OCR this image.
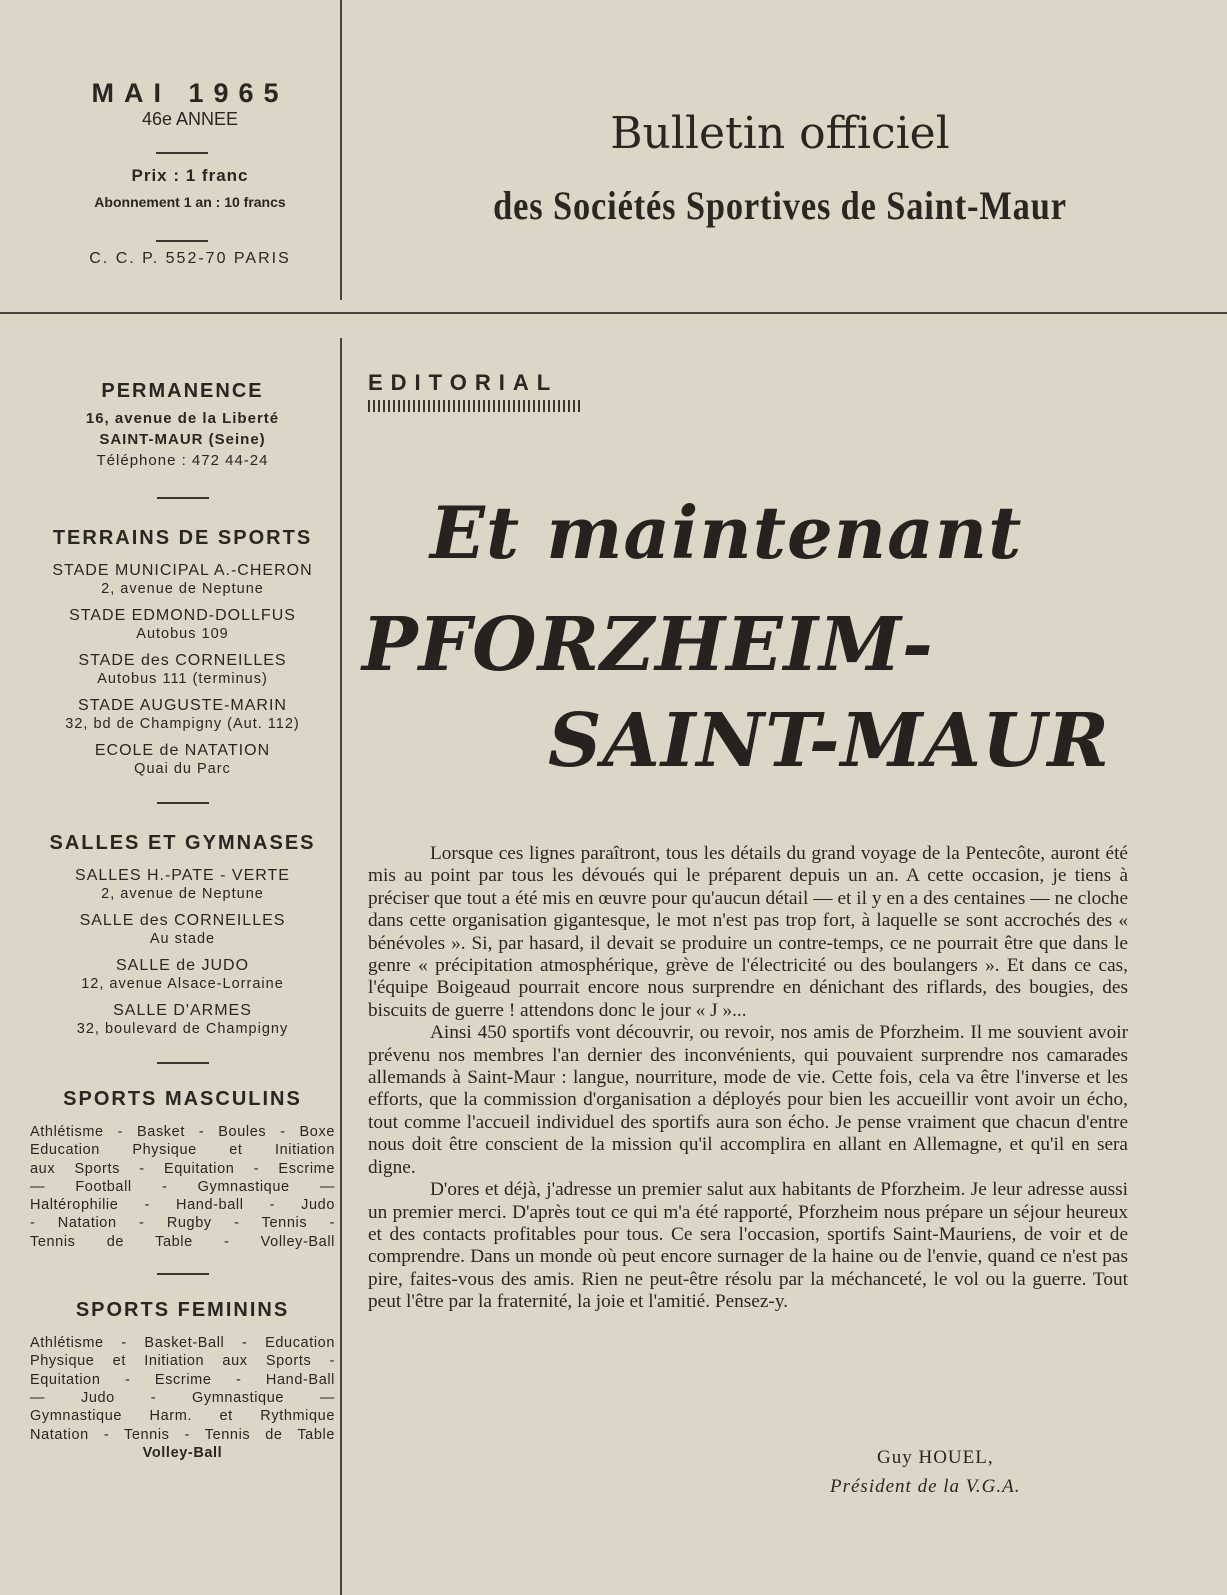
MAI 1965
46e ANNEE
Prix : 1 franc
Abonnement 1 an : 10 francs
C. C. P. 552-70 PARIS
Bulletin officiel
des Sociétés Sportives de Saint-Maur
PERMANENCE
16, avenue de la Liberté
SAINT-MAUR (Seine)
Téléphone : 472 44-24
TERRAINS DE SPORTS
STADE MUNICIPAL A.-CHERON
2, avenue de Neptune
STADE EDMOND-DOLLFUS
Autobus 109
STADE des CORNEILLES
Autobus 111 (terminus)
STADE AUGUSTE-MARIN
32, bd de Champigny (Aut. 112)
ECOLE de NATATION
Quai du Parc
SALLES ET GYMNASES
SALLES H.-PATE - VERTE
2, avenue de Neptune
SALLE des CORNEILLES
Au stade
SALLE de JUDO
12, avenue Alsace-Lorraine
SALLE D'ARMES
32, boulevard de Champigny
SPORTS MASCULINS
Athlétisme - Basket - Boules - Boxe
Education Physique et Initiation
aux Sports - Equitation - Escrime
— Football - Gymnastique —
Haltérophilie - Hand-ball - Judo
- Natation - Rugby - Tennis -
Tennis de Table - Volley-Ball
SPORTS FEMININS
Athlétisme - Basket-Ball - Education
Physique et Initiation aux Sports -
Equitation - Escrime - Hand-Ball
— Judo - Gymnastique —
Gymnastique Harm. et Rythmique
Natation - Tennis - Tennis de Table
Volley-Ball
EDITORIAL
Et maintenant
PFORZHEIM-
SAINT-MAUR

Lorsque ces lignes paraîtront, tous les détails du grand voyage de la Pentecôte, auront été mis au point par tous les dévoués qui le préparent depuis un an. A cette occasion, je tiens à préciser que tout a été mis en œuvre pour qu'aucun détail — et il y en a des centaines — ne cloche dans cette organisation gigantesque, le mot n'est pas trop fort, à laquelle se sont accrochés des « bénévoles ». Si, par hasard, il devait se produire un contre-temps, ce ne pourrait être que dans le genre « précipitation atmosphérique, grève de l'électricité ou des boulangers ». Et dans ce cas, l'équipe Boigeaud pourrait encore nous surprendre en dénichant des riflards, des bougies, des biscuits de guerre ! attendons donc le jour « J »...

Ainsi 450 sportifs vont découvrir, ou revoir, nos amis de Pforzheim. Il me souvient avoir prévenu nos membres l'an dernier des inconvénients, qui pouvaient surprendre nos camarades allemands à Saint-Maur : langue, nourriture, mode de vie. Cette fois, cela va être l'inverse et les efforts, que la commission d'organisation a déployés pour bien les accueillir vont avoir un écho, tout comme l'accueil individuel des sportifs aura son écho. Je pense vraiment que chacun d'entre nous doit être conscient de la mission qu'il accomplira en allant en Allemagne, et qu'il en sera digne.

D'ores et déjà, j'adresse un premier salut aux habitants de Pforzheim. Je leur adresse aussi un premier merci. D'après tout ce qui m'a été rapporté, Pforzheim nous prépare un séjour heureux et des contacts profitables pour tous. Ce sera l'occasion, sportifs Saint-Mauriens, de voir et de comprendre. Dans un monde où peut encore surnager de la haine ou de l'envie, quand ce n'est pas pire, faites-vous des amis. Rien ne peut-être résolu par la méchanceté, le vol ou la guerre. Tout peut l'être par la fraternité, la joie et l'amitié. Pensez-y.

Guy HOUEL,
Président de la V.G.A.
